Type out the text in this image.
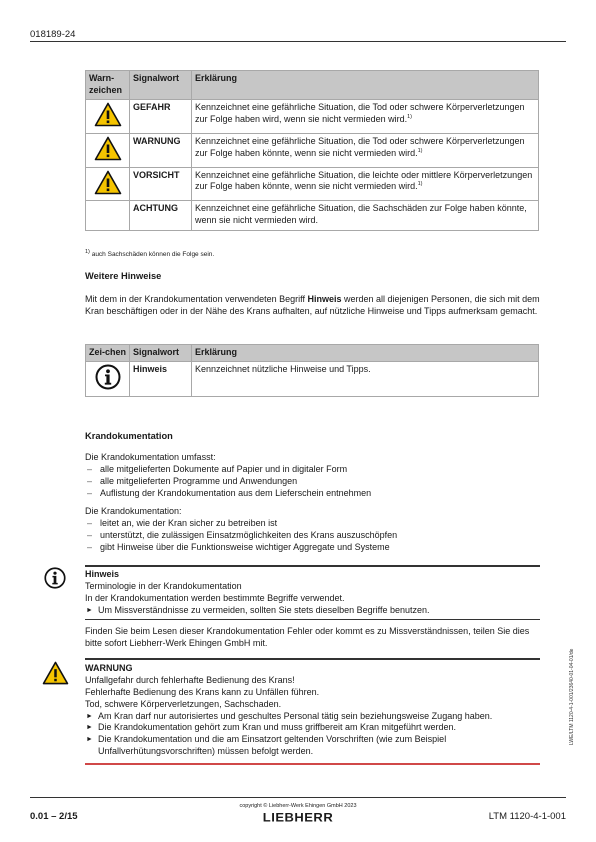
018189-24
Warn-zeichen	Signalwort	Erklärung
	GEFAHR	Kennzeichnet eine gefährliche Situation, die Tod oder schwere Körperverletzungen zur Folge haben wird, wenn sie nicht vermieden wird.$^{1)}$
	WARNUNG	Kennzeichnet eine gefährliche Situation, die Tod oder schwere Körperverletzungen zur Folge haben könnte, wenn sie nicht vermieden wird.$^{1)}$
	VORSICHT	Kennzeichnet eine gefährliche Situation, die leichte oder mittlere Körperverletzungen zur Folge haben könnte, wenn sie nicht vermieden wird.$^{1)}$
	ACHTUNG	Kennzeichnet eine gefährliche Situation, die Sachschäden zur Folge haben könnte, wenn sie nicht vermieden wird.
$^{1)}$ auch Sachschäden können die Folge sein.
Weitere Hinweise
Mit dem in der Krandokumentation verwendeten Begriff Hinweis werden all diejenigen Personen, die sich mit dem Kran beschäftigen oder in der Nähe des Krans aufhalten, auf nützliche Hinweise und Tipps aufmerksam gemacht.
Zei-chen	Signalwort	Erklärung
	Hinweis	Kennzeichnet nützliche Hinweise und Tipps.
Krandokumentation
Die Krandokumentation umfasst:
– alle mitgelieferten Dokumente auf Papier und in digitaler Form
– alle mitgelieferten Programme und Anwendungen
– Auflistung der Krandokumentation aus dem Lieferschein entnehmen
Die Krandokumentation:
– leitet an, wie der Kran sicher zu betreiben ist
– unterstützt, die zulässigen Einsatzmöglichkeiten des Krans auszuschöpfen
– gibt Hinweise über die Funktionsweise wichtiger Aggregate und Systeme
Hinweis
Terminologie in der Krandokumentation
In der Krandokumentation werden bestimmte Begriffe verwendet.
► Um Missverständnisse zu vermeiden, sollten Sie stets dieselben Begriffe benutzen.
Finden Sie beim Lesen dieser Krandokumentation Fehler oder kommt es zu Missverständnissen, teilen Sie dies bitte sofort Liebherr-Werk Ehingen GmbH mit.
WARNUNG
Unfallgefahr durch fehlerhafte Bedienung des Krans!
Fehlerhafte Bedienung des Krans kann zu Unfällen führen.
Tod, schwere Körperverletzungen, Sachschaden.
► Am Kran darf nur autorisiertes und geschultes Personal tätig sein beziehungsweise Zugang haben.
► Die Krandokumentation gehört zum Kran und muss griffbereit am Kran mitgeführt werden.
► Die Krandokumentation und die am Einsatzort geltenden Vorschriften (wie zum Beispiel Unfallverhütungsvorschriften) müssen befolgt werden.
LWE/LTM 1120-4-1-001/23640-01-04-01/de
copyright © Liebherr-Werk Ehingen GmbH 2023
0.01 – 2/15	LIEBHERR	LTM 1120-4-1-001
